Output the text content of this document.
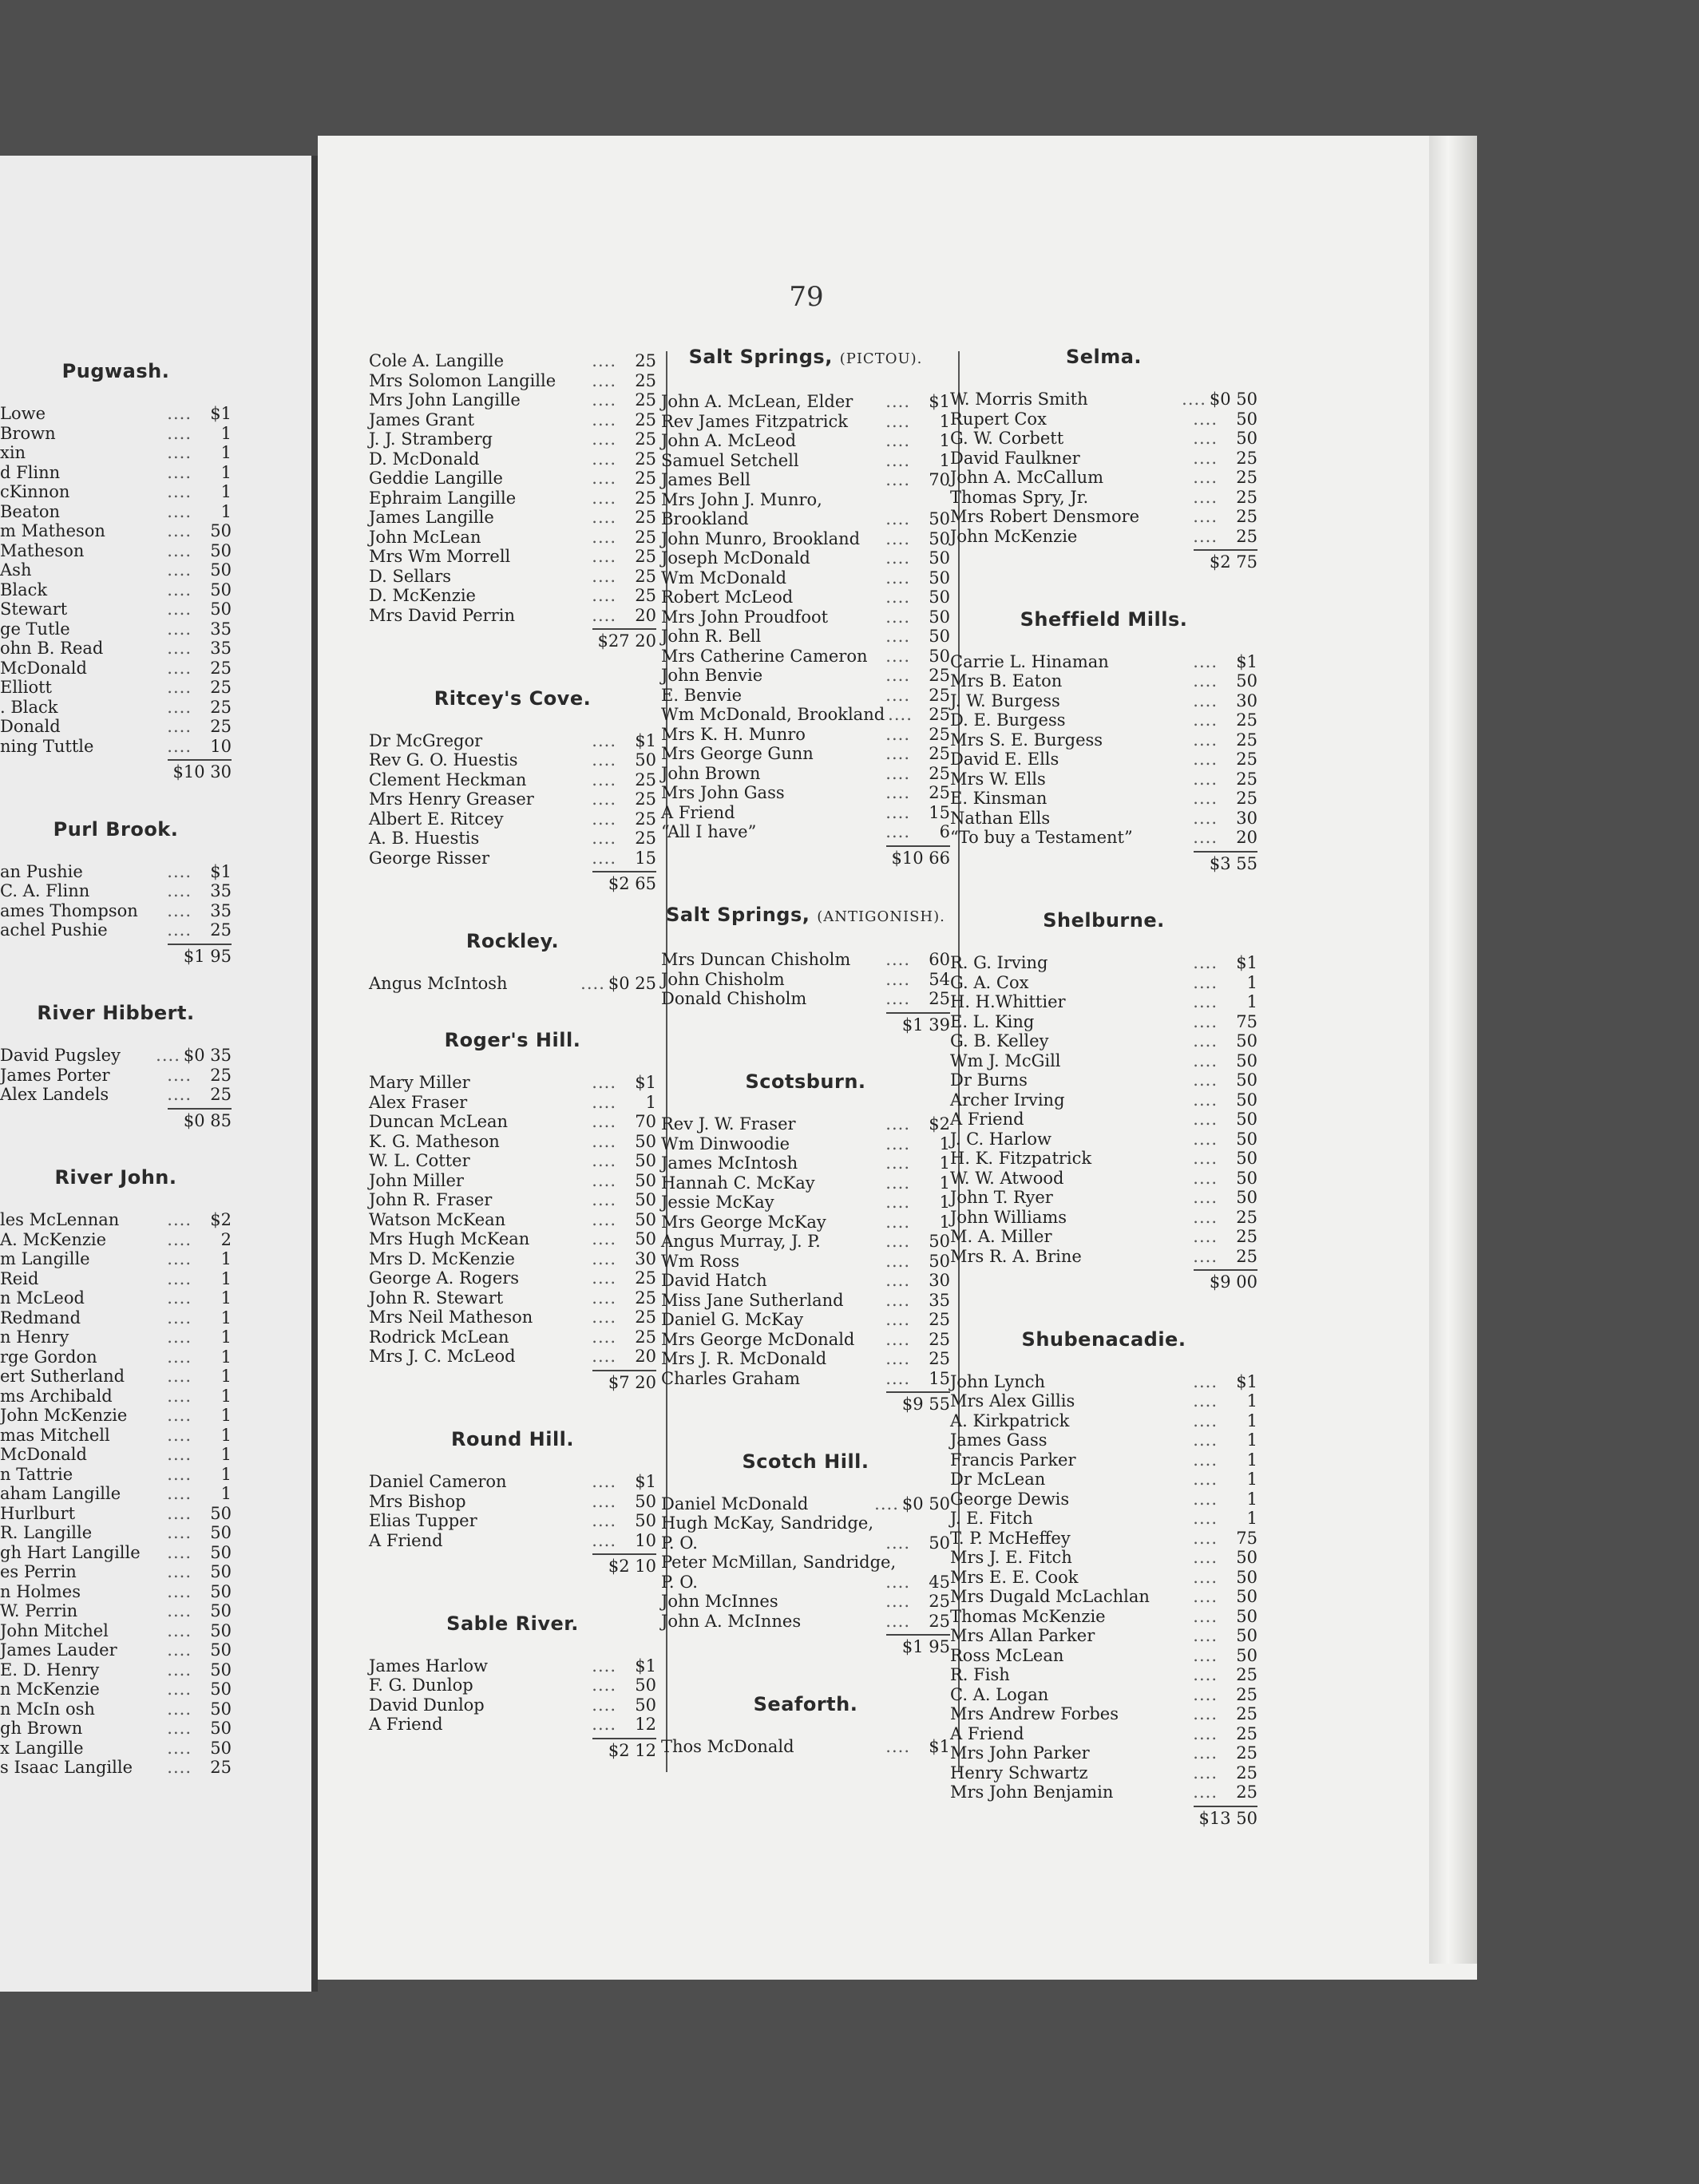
Pugwash.
Lowe	....	$1
Brown	....	1
xin	....	1
d Flinn	....	1
cKinnon	....	1
Beaton	....	1
m Matheson	....	50
Matheson	....	50
Ash	....	50
Black	....	50
Stewart	....	50
ge Tutle	....	35
ohn B. Read	....	35
McDonald	....	25
Elliott	....	25
. Black	....	25
Donald	....	25
ning Tuttle	....	10
$10 30
Purl Brook.
an Pushie	....	$1
C. A. Flinn	....	35
ames Thompson	....	35
achel Pushie	....	25
$1 95
River Hibbert.
David Pugsley	.... $0 35
James Porter	....	25
Alex Landels	....	25
$0 85
River John.
les McLennan	....	$2
A. McKenzie	....	2
m Langille	....	1
Reid	....	1
n McLeod	....	1
Redmand	....	1
n Henry	....	1
rge Gordon	....	1
ert Sutherland	....	1
ms Archibald	....	1
John McKenzie	....	1
mas Mitchell	....	1
McDonald	....	1
n Tattrie	....	1
aham Langille	....	1
Hurlburt	....	50
R. Langille	....	50
gh Hart Langille	....	50
es Perrin	....	50
n Holmes	....	50
W. Perrin	....	50
John Mitchel	....	50
James Lauder	....	50
E. D. Henry	....	50
n McKenzie	....	50
n McIn osh	....	50
gh Brown	....	50
x Langille	....	50
s Isaac Langille	....	25
79
Cole A. Langille	....	25
Mrs Solomon Langille	....	25
Mrs John Langille	....	25
James Grant	....	25
J. J. Stramberg	....	25
D. McDonald	....	25
Geddie Langille	....	25
Ephraim Langille	....	25
James Langille	....	25
John McLean	....	25
Mrs Wm Morrell	....	25
D. Sellars	....	25
D. McKenzie	....	25
Mrs David Perrin	....	20
$27 20
Ritcey's Cove.
Dr McGregor	....	$1
Rev G. O. Huestis	....	50
Clement Heckman	....	25
Mrs Henry Greaser	....	25
Albert E. Ritcey	....	25
A. B. Huestis	....	25
George Risser	....	15
$2 65
Rockley.
Angus McIntosh	.... $0 25
Roger's Hill.
Mary Miller	....	$1
Alex Fraser	....	1
Duncan McLean	....	70
K. G. Matheson	....	50
W. L. Cotter	....	50
John Miller	....	50
John R. Fraser	....	50
Watson McKean	....	50
Mrs Hugh McKean	....	50
Mrs D. McKenzie	....	30
George A. Rogers	....	25
John R. Stewart	....	25
Mrs Neil Matheson	....	25
Rodrick McLean	....	25
Mrs J. C. McLeod	....	20
$7 20
Round Hill.
Daniel Cameron	....	$1
Mrs Bishop	....	50
Elias Tupper	....	50
A Friend	....	10
$2 10
Sable River.
James Harlow	....	$1
F. G. Dunlop	....	50
David Dunlop	....	50
A Friend	....	12
$2 12
Salt Springs, (PICTOU).
John A. McLean, Elder	....	$1
Rev James Fitzpatrick	....	1
John A. McLeod	....	1
Samuel Setchell	....	1
James Bell	....	70
Mrs John J. Munro,
Brookland	....	50
John Munro, Brookland	....	50
Joseph McDonald	....	50
Wm McDonald	....	50
Robert McLeod	....	50
Mrs John Proudfoot	....	50
John R. Bell	....	50
Mrs Catherine Cameron	....	50
John Benvie	....	25
E. Benvie	....	25
Wm McDonald, Brookland .... 25
Mrs K. H. Munro	....	25
Mrs George Gunn	....	25
John Brown	....	25
Mrs John Gass	....	25
A Friend	....	15
“All I have”	....	6
$10 66
Salt Springs, (ANTIGONISH).
Mrs Duncan Chisholm	....	60
John Chisholm	....	54
Donald Chisholm	....	25
$1 39
Scotsburn.
Rev J. W. Fraser	....	$2
Wm Dinwoodie	....	1
James McIntosh	....	1
Hannah C. McKay	....	1
Jessie McKay	....	1
Mrs George McKay	....	1
Angus Murray, J. P.	....	50
Wm Ross	....	50
David Hatch	....	30
Miss Jane Sutherland	....	35
Daniel G. McKay	....	25
Mrs George McDonald	....	25
Mrs J. R. McDonald	....	25
Charles Graham	....	15
$9 55
Scotch Hill.
Daniel McDonald	.... $0 50
Hugh McKay, Sandridge,
P. O.	....	50
Peter McMillan, Sandridge,
P. O.	....	45
John McInnes	....	25
John A. McInnes	....	25
$1 95
Seaforth.
Thos McDonald	....	$1
Selma.
W. Morris Smith	.... $0 50
Rupert Cox	....	50
G. W. Corbett	....	50
David Faulkner	....	25
John A. McCallum	....	25
Thomas Spry, Jr.	....	25
Mrs Robert Densmore	....	25
John McKenzie	....	25
$2 75
Sheffield Mills.
Carrie L. Hinaman	....	$1
Mrs B. Eaton	....	50
J. W. Burgess	....	30
D. E. Burgess	....	25
Mrs S. E. Burgess	....	25
David E. Ells	....	25
Mrs W. Ells	....	25
E. Kinsman	....	25
Nathan Ells	....	30
“To buy a Testament”	....	20
$3 55
Shelburne.
R. G. Irving	....	$1
G. A. Cox	....	1
H. H.Whittier	....	1
E. L. King	....	75
G. B. Kelley	....	50
Wm J. McGill	....	50
Dr Burns	....	50
Archer Irving	....	50
A Friend	....	50
J. C. Harlow	....	50
H. K. Fitzpatrick	....	50
W. W. Atwood	....	50
John T. Ryer	....	50
John Williams	....	25
M. A. Miller	....	25
Mrs R. A. Brine	....	25
$9 00
Shubenacadie.
John Lynch	....	$1
Mrs Alex Gillis	....	1
A. Kirkpatrick	....	1
James Gass	....	1
Francis Parker	....	1
Dr McLean	....	1
George Dewis	....	1
J. E. Fitch	....	1
T. P. McHeffey	....	75
Mrs J. E. Fitch	....	50
Mrs E. E. Cook	....	50
Mrs Dugald McLachlan	....	50
Thomas McKenzie	....	50
Mrs Allan Parker	....	50
Ross McLean	....	50
R. Fish	....	25
C. A. Logan	....	25
Mrs Andrew Forbes	....	25
A Friend	....	25
Mrs John Parker	....	25
Henry Schwartz	....	25
Mrs John Benjamin	....	25
$13 50
